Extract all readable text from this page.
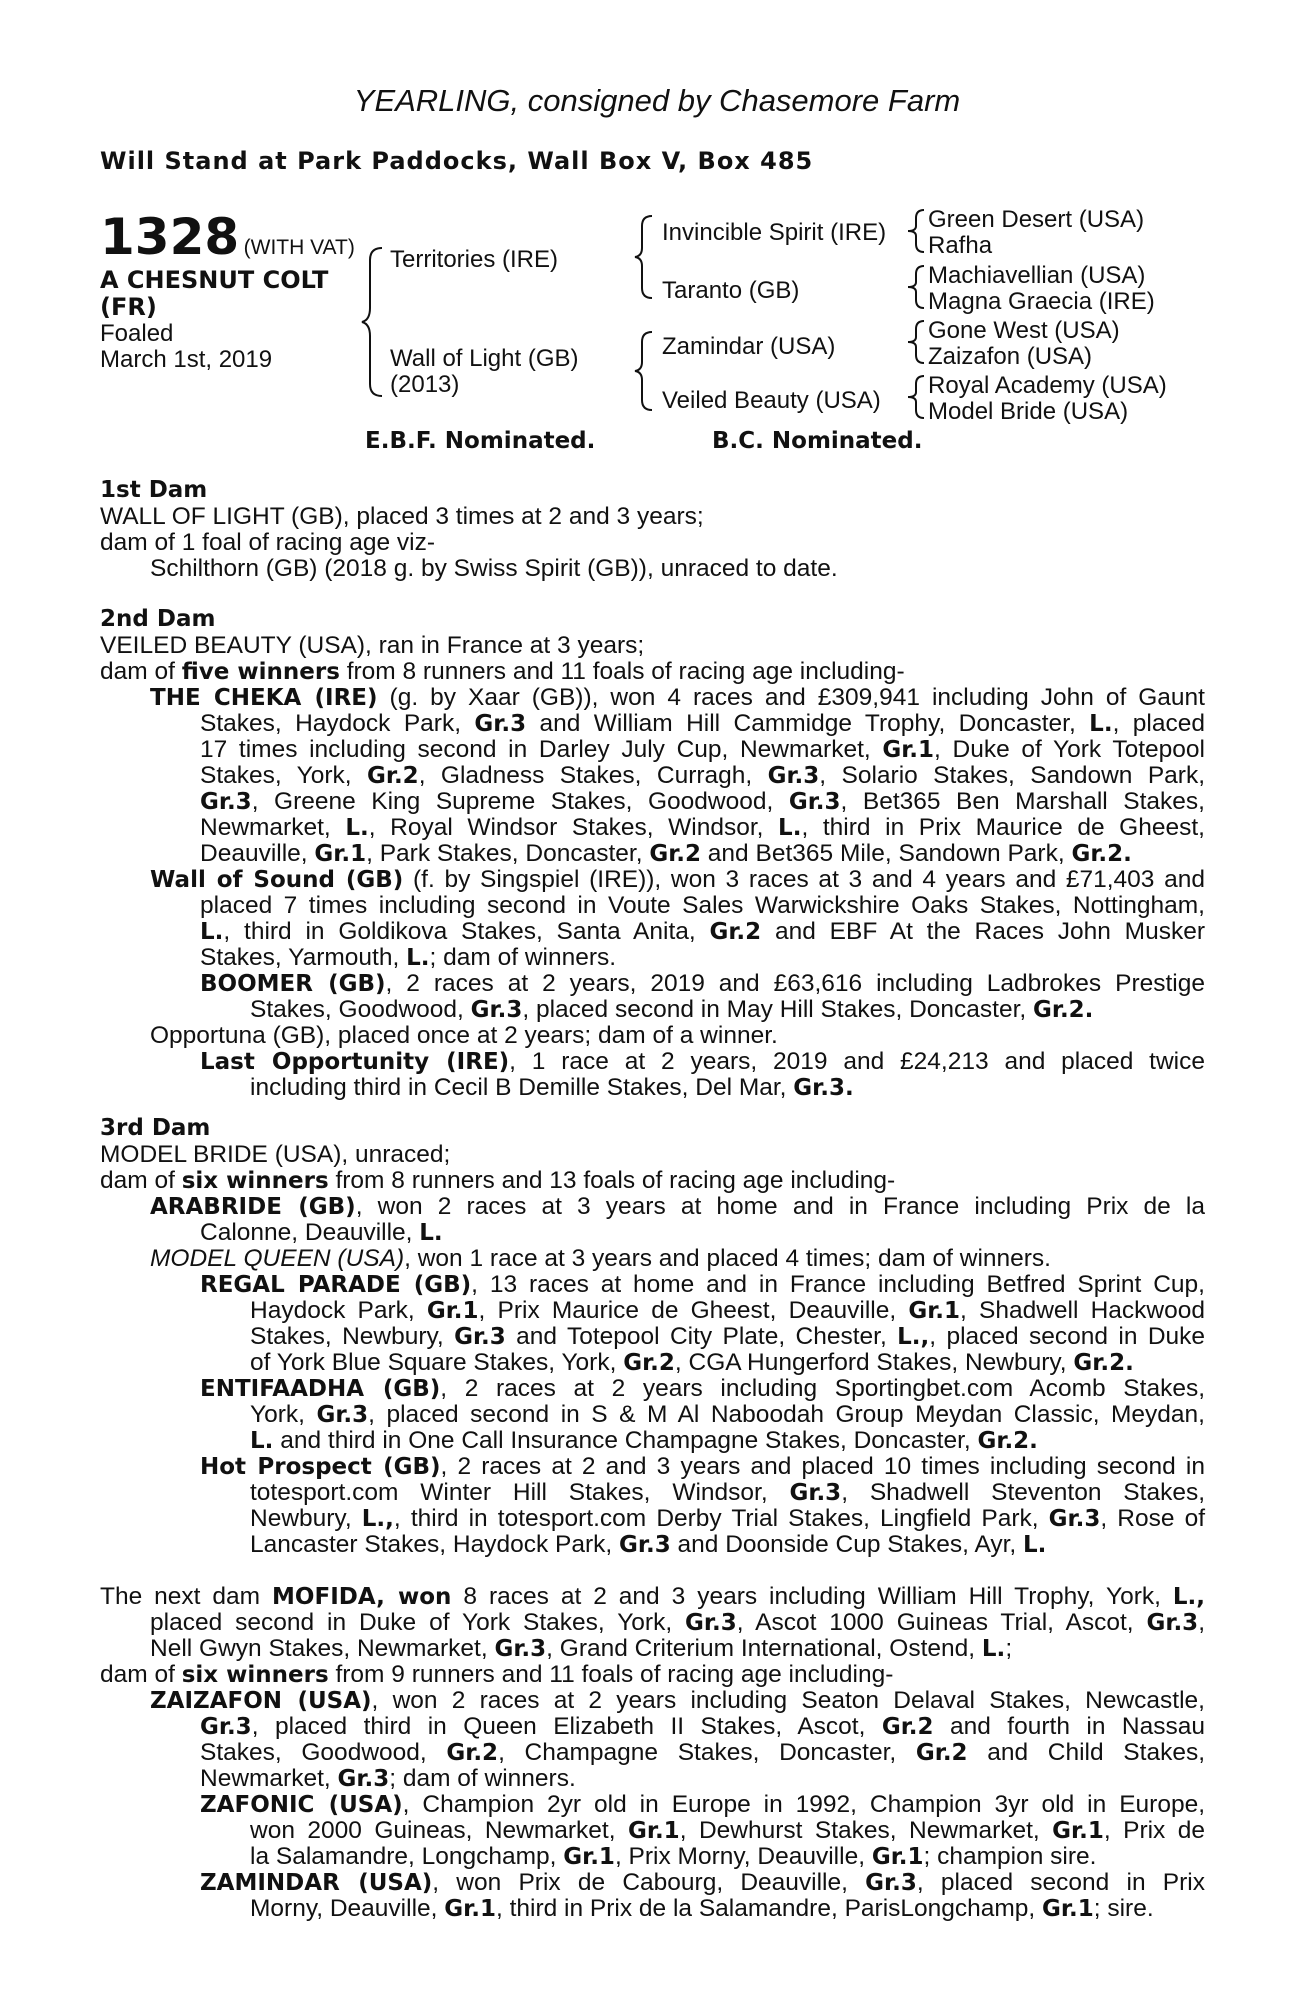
YEARLING, consigned by Chasemore Farm
Will Stand at Park Paddocks, Wall Box V, Box 485
1328 (WITH VAT)
A CHESNUT COLT
(FR)
Foaled
March 1st, 2019
Territories (IRE)
Wall of Light (GB)
(2013)
Invincible Spirit (IRE)
Taranto (GB)
Zamindar (USA)
Veiled Beauty (USA)
Green Desert (USA)
Rafha
Machiavellian (USA)
Magna Graecia (IRE)
Gone West (USA)
Zaizafon (USA)
Royal Academy (USA)
Model Bride (USA)
E.B.F. Nominated.	B.C. Nominated.
1st Dam
WALL OF LIGHT (GB), placed 3 times at 2 and 3 years;
dam of 1 foal of racing age viz-
Schilthorn (GB) (2018 g. by Swiss Spirit (GB)), unraced to date.
2nd Dam
VEILED BEAUTY (USA), ran in France at 3 years;
dam of five winners from 8 runners and 11 foals of racing age including-
THE CHEKA (IRE) (g. by Xaar (GB)), won 4 races and £309,941 including John of Gaunt
Stakes, Haydock Park, Gr.3 and William Hill Cammidge Trophy, Doncaster, L., placed
17 times including second in Darley July Cup, Newmarket, Gr.1, Duke of York Totepool
Stakes, York, Gr.2, Gladness Stakes, Curragh, Gr.3, Solario Stakes, Sandown Park,
Gr.3, Greene King Supreme Stakes, Goodwood, Gr.3, Bet365 Ben Marshall Stakes,
Newmarket, L., Royal Windsor Stakes, Windsor, L., third in Prix Maurice de Gheest,
Deauville, Gr.1, Park Stakes, Doncaster, Gr.2 and Bet365 Mile, Sandown Park, Gr.2.
Wall of Sound (GB) (f. by Singspiel (IRE)), won 3 races at 3 and 4 years and £71,403 and
placed 7 times including second in Voute Sales Warwickshire Oaks Stakes, Nottingham,
L., third in Goldikova Stakes, Santa Anita, Gr.2 and EBF At the Races John Musker
Stakes, Yarmouth, L.; dam of winners.
BOOMER (GB), 2 races at 2 years, 2019 and £63,616 including Ladbrokes Prestige
Stakes, Goodwood, Gr.3, placed second in May Hill Stakes, Doncaster, Gr.2.
Opportuna (GB), placed once at 2 years; dam of a winner.
Last Opportunity (IRE), 1 race at 2 years, 2019 and £24,213 and placed twice
including third in Cecil B Demille Stakes, Del Mar, Gr.3.
3rd Dam
MODEL BRIDE (USA), unraced;
dam of six winners from 8 runners and 13 foals of racing age including-
ARABRIDE (GB), won 2 races at 3 years at home and in France including Prix de la
Calonne, Deauville, L.
MODEL QUEEN (USA), won 1 race at 3 years and placed 4 times; dam of winners.
REGAL PARADE (GB), 13 races at home and in France including Betfred Sprint Cup,
Haydock Park, Gr.1, Prix Maurice de Gheest, Deauville, Gr.1, Shadwell Hackwood
Stakes, Newbury, Gr.3 and Totepool City Plate, Chester, L.,, placed second in Duke
of York Blue Square Stakes, York, Gr.2, CGA Hungerford Stakes, Newbury, Gr.2.
ENTIFAADHA (GB), 2 races at 2 years including Sportingbet.com Acomb Stakes,
York, Gr.3, placed second in S & M Al Naboodah Group Meydan Classic, Meydan,
L. and third in One Call Insurance Champagne Stakes, Doncaster, Gr.2.
Hot Prospect (GB), 2 races at 2 and 3 years and placed 10 times including second in
totesport.com Winter Hill Stakes, Windsor, Gr.3, Shadwell Steventon Stakes,
Newbury, L.,, third in totesport.com Derby Trial Stakes, Lingfield Park, Gr.3, Rose of
Lancaster Stakes, Haydock Park, Gr.3 and Doonside Cup Stakes, Ayr, L.
The next dam MOFIDA, won 8 races at 2 and 3 years including William Hill Trophy, York, L.,
placed second in Duke of York Stakes, York, Gr.3, Ascot 1000 Guineas Trial, Ascot, Gr.3,
Nell Gwyn Stakes, Newmarket, Gr.3, Grand Criterium International, Ostend, L.;
dam of six winners from 9 runners and 11 foals of racing age including-
ZAIZAFON (USA), won 2 races at 2 years including Seaton Delaval Stakes, Newcastle,
Gr.3, placed third in Queen Elizabeth II Stakes, Ascot, Gr.2 and fourth in Nassau
Stakes, Goodwood, Gr.2, Champagne Stakes, Doncaster, Gr.2 and Child Stakes,
Newmarket, Gr.3; dam of winners.
ZAFONIC (USA), Champion 2yr old in Europe in 1992, Champion 3yr old in Europe,
won 2000 Guineas, Newmarket, Gr.1, Dewhurst Stakes, Newmarket, Gr.1, Prix de
la Salamandre, Longchamp, Gr.1, Prix Morny, Deauville, Gr.1; champion sire.
ZAMINDAR (USA), won Prix de Cabourg, Deauville, Gr.3, placed second in Prix
Morny, Deauville, Gr.1, third in Prix de la Salamandre, ParisLongchamp, Gr.1; sire.
